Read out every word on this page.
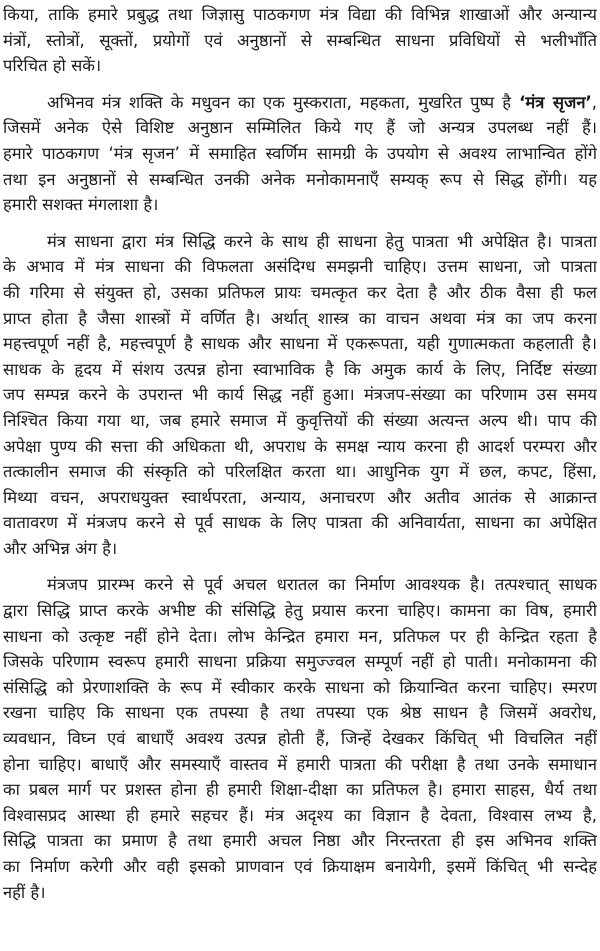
किया, ताकि हमारे प्रबुद्ध तथा जिज्ञासु पाठकगण मंत्र विद्या की विभिन्न शाखाओं और अन्यान्य
मंत्रों, स्तोत्रों, सूक्तों, प्रयोगों एवं अनुष्ठानों से सम्बन्धित साधना प्रविधियों से भलीभाँति
परिचित हो सकें।
अभिनव मंत्र शक्ति के मधुवन का एक मुस्कराता, महकता, मुखरित पुष्प है ‘मंत्र सृजन’,
जिसमें अनेक ऐसे विशिष्ट अनुष्ठान सम्मिलित किये गए हैं जो अन्यत्र उपलब्ध नहीं हैं।
हमारे पाठकगण ‘मंत्र सृजन’ में समाहित स्वर्णिम सामग्री के उपयोग से अवश्य लाभान्वित होंगे
तथा इन अनुष्ठानों से सम्बन्धित उनकी अनेक मनोकामनाएँ सम्यक् रूप से सिद्ध होंगी। यह
हमारी सशक्त मंगलाशा है।
मंत्र साधना द्वारा मंत्र सिद्धि करने के साथ ही साधना हेतु पात्रता भी अपेक्षित है। पात्रता
के अभाव में मंत्र साधना की विफलता असंदिग्ध समझनी चाहिए। उत्तम साधना, जो पात्रता
की गरिमा से संयुक्त हो, उसका प्रतिफल प्रायः चमत्कृत कर देता है और ठीक वैसा ही फल
प्राप्त होता है जैसा शास्त्रों में वर्णित है। अर्थात् शास्त्र का वाचन अथवा मंत्र का जप करना
महत्त्वपूर्ण नहीं है, महत्त्वपूर्ण है साधक और साधना में एकरूपता, यही गुणात्मकता कहलाती है।
साधक के हृदय में संशय उत्पन्न होना स्वाभाविक है कि अमुक कार्य के लिए, निर्दिष्ट संख्या
जप सम्पन्न करने के उपरान्त भी कार्य सिद्ध नहीं हुआ। मंत्रजप-संख्या का परिणाम उस समय
निश्चित किया गया था, जब हमारे समाज में कुवृत्तियों की संख्या अत्यन्त अल्प थी। पाप की
अपेक्षा पुण्य की सत्ता की अधिकता थी, अपराध के समक्ष न्याय करना ही आदर्श परम्परा और
तत्कालीन समाज की संस्कृति को परिलक्षित करता था। आधुनिक युग में छल, कपट, हिंसा,
मिथ्या वचन, अपराधयुक्त स्वार्थपरता, अन्याय, अनाचरण और अतीव आतंक से आक्रान्त
वातावरण में मंत्रजप करने से पूर्व साधक के लिए पात्रता की अनिवार्यता, साधना का अपेक्षित
और अभिन्न अंग है।
मंत्रजप प्रारम्भ करने से पूर्व अचल धरातल का निर्माण आवश्यक है। तत्पश्चात् साधक
द्वारा सिद्धि प्राप्त करके अभीष्ट की संसिद्धि हेतु प्रयास करना चाहिए। कामना का विष, हमारी
साधना को उत्कृष्ट नहीं होने देता। लोभ केन्द्रित हमारा मन, प्रतिफल पर ही केन्द्रित रहता है
जिसके परिणाम स्वरूप हमारी साधना प्रक्रिया समुज्ज्वल सम्पूर्ण नहीं हो पाती। मनोकामना की
संसिद्धि को प्रेरणाशक्ति के रूप में स्वीकार करके साधना को क्रियान्वित करना चाहिए। स्मरण
रखना चाहिए कि साधना एक तपस्या है तथा तपस्या एक श्रेष्ठ साधन है जिसमें अवरोध,
व्यवधान, विघ्न एवं बाधाएँ अवश्य उत्पन्न होती हैं, जिन्हें देखकर किंचित् भी विचलित नहीं
होना चाहिए। बाधाएँ और समस्याएँ वास्तव में हमारी पात्रता की परीक्षा है तथा उनके समाधान
का प्रबल मार्ग पर प्रशस्त होना ही हमारी शिक्षा-दीक्षा का प्रतिफल है। हमारा साहस, धैर्य तथा
विश्वासप्रद आस्था ही हमारे सहचर हैं। मंत्र अदृश्य का विज्ञान है देवता, विश्वास लभ्य है,
सिद्धि पात्रता का प्रमाण है तथा हमारी अचल निष्ठा और निरन्तरता ही इस अभिनव शक्ति
का निर्माण करेगी और वही इसको प्राणवान एवं क्रियाक्षम बनायेगी, इसमें किंचित् भी सन्देह
नहीं है।
